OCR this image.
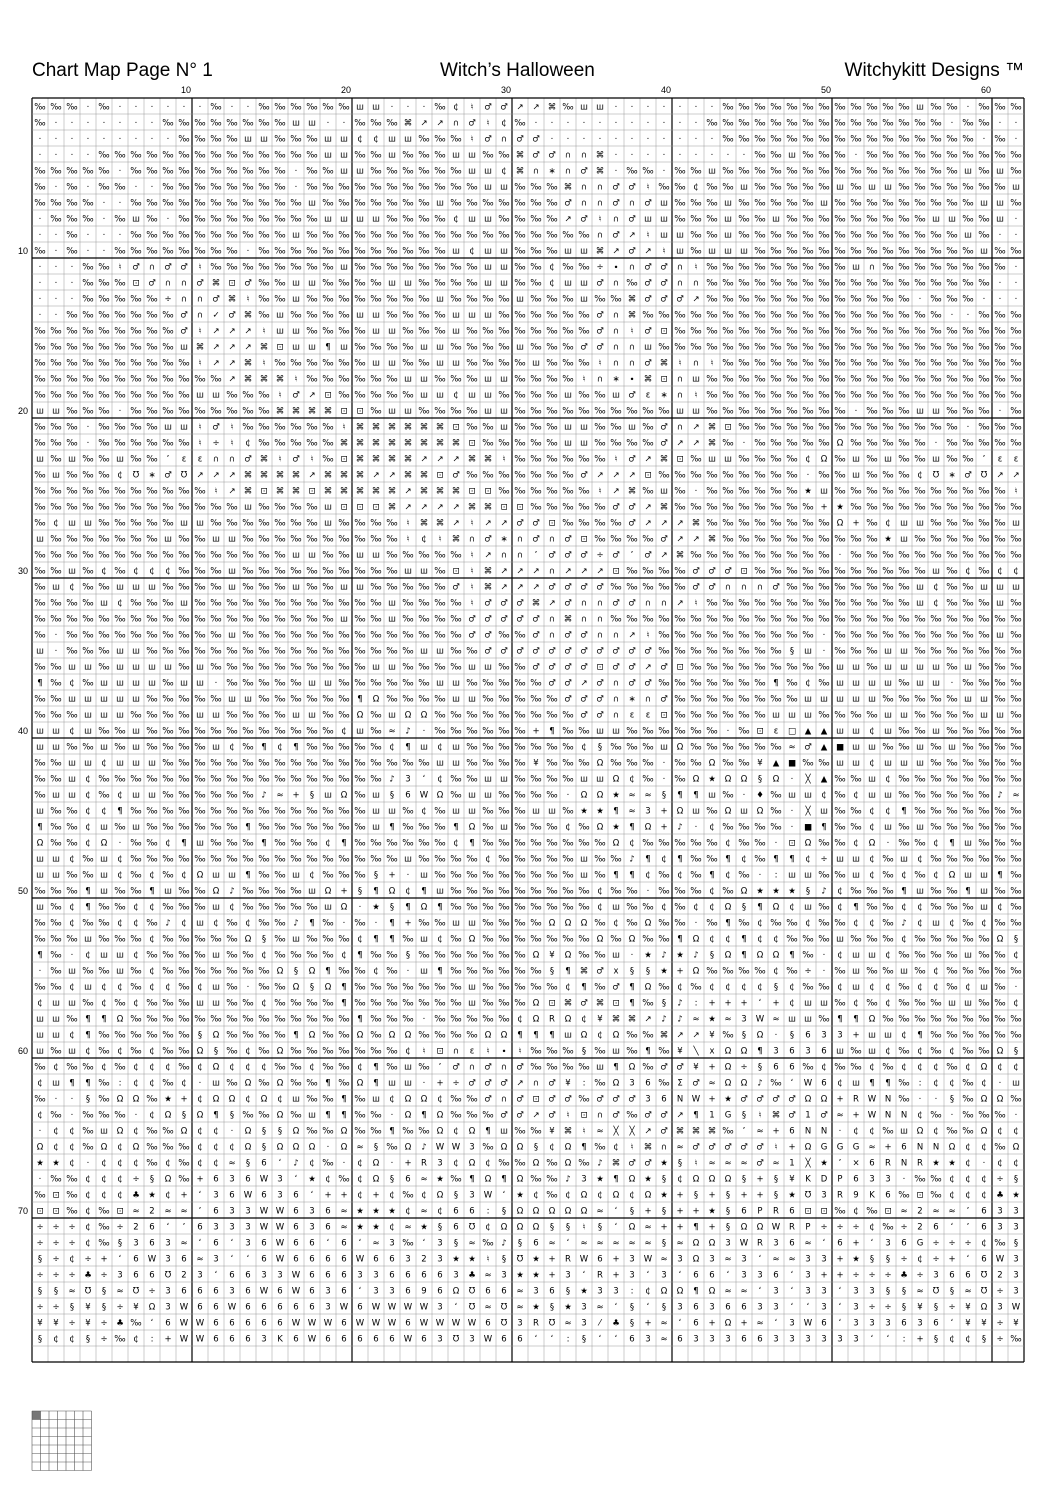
Chart Map Page N° 1	Witch’s Halloween	Witchykitt Designs ™
10	20	30	40	50	60
10
20
30
40
50
60
70
‰ ‰ ‰ · ‰ · · · · · · ‰ · · ‰ ‰ ‰ ‰ ‰ ‰ ш ш · · · ‰ ¢ ♮ ♂ ♂ ↗ ↗ ⌘ ‰ ш ш · · · · · · · ‰ ‰ ‰ ‰ ‰ ‰ ‰ ‰ ‰ ‰ ‰ ‰ ш ‰ ‰ · ‰ ‰ ‰
‰ · · · · · · · ‰ ‰ ‰ ‰ ‰ ‰ ‰ ‰ ш ш · · ‰ ‰ ‰ ⌘ ↗ ↗ ∩ ♂ ♮ ¢ ‰ · · · · · · · · · · · ‰ ‰ ‰ ‰ ‰ ‰ ‰ ‰ ‰ ‰ ‰ ‰ ‰ ‰ ‰ · ‰ ‰ · ·
· · · · · · · · · ‰ ‰ ‰ ‰ ш ш ‰ ‰ ‰ ш ш ¢ ¢ ш ш ‰ ‰ ‰ ♮ ♂ ∩ ♂ ♂ · · · · · · · · · · · ‰ ‰ ‰ ‰ ‰ ‰ ‰ ‰ ‰ ‰ ‰ ‰ ‰ ‰ ‰ ‰ · ‰ ·
· · · · ‰ ‰ ‰ ‰ ‰ ‰ ‰ ‰ ‰ ‰ ‰ ‰ ‰ ‰ ш ш ‰ ‰ ш ‰ ‰ ‰ ш ш ‰ ‰ ⌘ ♂ ♂ ∩ ∩ ⌘ · · · · · · · · · ‰ ‰ ш ‰ ‰ ‰ · ‰ ‰ ‰ ‰ ‰ ‰ ‰ ‰ ‰ ‰
‰ ‰ ‰ ‰ ‰ · ‰ ‰ ‰ ‰ ‰ ‰ ‰ ‰ ‰ ‰ · ‰ ‰ ш ш ‰ ‰ ‰ ‰ ‰ ‰ ш ш ¢ ⌘ ∩ ∗ ∩ ♂ ⌘ · ‰ ‰ · ‰ ‰ ш ‰ ‰ ‰ ‰ ‰ ‰ ‰ ‰ ‰ ‰ ‰ ‰ ‰ ‰ ‰ ш ‰ ш ‰
‰ · ‰ · ‰ ‰ · · ‰ ‰ ‰ ‰ ‰ ‰ ‰ ‰ · ‰ ‰ ‰ ‰ ‰ ‰ ‰ ‰ ‰ ‰ ‰ ш ш ‰ ‰ ‰ ⌘ ∩ ∩ ♂ ♂ ♮ ‰ ‰ ¢ ‰ ‰ ш ‰ ‰ ‰ ‰ ‰ ш ‰ ш ш ‰ ‰ ‰ ‰ ‰ ‰ ‰ ш
‰ ‰ ‰ ‰ · · ‰ ‰ ‰ ‰ ‰ ‰ ‰ ‰ ‰ ‰ ‰ ш ‰ ‰ ‰ ‰ ‰ ‰ ‰ ш ‰ ‰ ‰ ‰ ‰ ‰ ‰ ♂ ∩ ∩ ♂ ∩ ♂ ш ‰ ‰ ‰ ш ‰ ‰ ‰ ‰ ‰ ш ‰ ‰ ‰ ‰ ‰ ‰ ‰ ‰ ‰ ш ш ‰
· ‰ ‰ ‰ · ‰ ш ‰ · ‰ ‰ ‰ ‰ ‰ ‰ ‰ ‰ ‰ ш ш ш ш ‰ ‰ ‰ ‰ ¢ ш ш ‰ ‰ ‰ ‰ ↗ ♂ ♮ ∩ ♂ ш ш ‰ ‰ ‰ ш ‰ ‰ ш ‰ ‰ ‰ ‰ ‰ ‰ ‰ ‰ ‰ ш ш ‰ ‰ ш ·
· · ‰ · · · ‰ ‰ ‰ ‰ ‰ ‰ ‰ ‰ ‰ ‰ ш ‰ ‰ ‰ ‰ ‰ ‰ ‰ ‰ ‰ ‰ ‰ ‰ ‰ ‰ ‰ ‰ ‰ ‰ ∩ ♂ ↗ ♮ ш ш ‰ ‰ ш ‰ ‰ ‰ ‰ ‰ ‰ ‰ ‰ ‰ ‰ ‰ ‰ ‰ ‰ ш ‰ · ·
‰ · ‰ · · ‰ ‰ ‰ ‰ ‰ ‰ ‰ ‰ · ‰ ‰ ‰ ‰ ‰ ‰ ‰ ‰ ‰ ‰ ‰ ‰ ш ¢ ш ш ‰ ‰ ‰ ш ш ⌘ ↗ ♂ ↗ ♮ ш ‰ ш ш ш ‰ ‰ ‰ ‰ ‰ ‰ ‰ ‰ ‰ ‰ ‰ ‰ ‰ ‰ ш ‰ ‰
· · · ‰ ‰ ♮ ♂ ∩ ♂ ♂ ♮ ‰ ‰ ‰ ‰ ‰ ‰ ‰ ‰ ш ‰ ‰ ‰ ‰ ‰ ‰ ‰ ‰ ш ш ‰ ‰ ¢ ‰ ‰ ÷ ∙ ∩ ♂ ♂ ∩ ♮ ‰ ‰ ‰ ‰ ‰ ‰ ‰ ‰ ‰ ш ∩ ‰ ‰ ‰ ‰ ‰ ‰ ‰ ‰ ·
· · · ‰ ‰ ‰ ⊡ ♂ ∩ ∩ ♂ ⌘ ⊡ ♂ ‰ ‰ ш ш ‰ ‰ ‰ ‰ ш ш ‰ ‰ ‰ ‰ ш ш ‰ ‰ ¢ ш ш ♂ ∩ ‰ ♂ ♂ ∩ ∩ ‰ ‰ ‰ ‰ ‰ ‰ ‰ ‰ ‰ ‰ ‰ ‰ ‰ ‰ ‰ ‰ ‰ ‰ · ·
· · · ‰ ‰ ‰ ‰ ‰ ÷ ∩ ∩ ♂ ⌘ ♮ ‰ ‰ ш ‰ ‰ ‰ ‰ ‰ ‰ ‰ ‰ ш ‰ ‰ ‰ ‰ ш ‰ ‰ ‰ ш ‰ ‰ ⌘ ♂ ♂ ♂ ↗ ‰ ‰ ‰ ‰ ‰ ‰ ‰ ‰ ‰ ‰ ‰ ‰ ‰ · ‰ ‰ ‰ · · ·
· · ‰ ‰ ‰ ‰ ‰ ‰ ‰ ♂ ∩ ✓ ♂ ⌘ ‰ ш ‰ ‰ ‰ ‰ ш ш ‰ ‰ ‰ ‰ ш ш ш ‰ ‰ ‰ ‰ ‰ ‰ ♂ ∩ ⌘ ‰ ‰ ‰ ‰ ‰ ‰ ‰ ‰ ‰ ‰ ‰ ‰ ‰ ‰ ‰ ‰ ‰ ‰ ‰ · · ‰ ‰ ‰
‰ ‰ ‰ ‰ ‰ ‰ ‰ ‰ ‰ ♂ ♮ ↗ ↗ ↗ ♮ ш ш ‰ ‰ ‰ ‰ ш ш ‰ ‰ ‰ ш ‰ ‰ ‰ ‰ ‰ ‰ ‰ ‰ ♂ ∩ ♮ ♂ ⊡ ‰ ‰ ‰ ‰ ‰ ‰ ‰ ‰ ‰ ‰ ‰ ‰ ‰ ‰ ‰ ‰ ‰ ‰ ‰ ‰ ‰ ‰
‰ ‰ ‰ ‰ ‰ ‰ ‰ ‰ ‰ ш ⌘ ↗ ↗ ↗ ⌘ ⊡ ш ш ¶ ш ‰ ‰ ‰ ‰ ш ш ‰ ‰ ‰ ‰ ш ‰ ‰ ‰ ♂ ♂ ∩ ∩ ш ‰ ‰ ‰ ‰ ‰ ‰ ‰ ‰ ‰ ‰ ‰ ‰ ‰ ‰ ‰ ‰ ‰ ‰ ‰ ‰ ‰ ‰ ‰
‰ ‰ ‰ ‰ ‰ ‰ ‰ ‰ ‰ ‰ ♮ ↗ ↗ ⌘ ♮ ‰ ‰ ‰ ‰ ‰ ‰ ш ш ‰ ‰ ш ш ‰ ‰ ‰ ‰ ш ‰ ‰ ‰ ♮ ∩ ∩ ♂ ⌘ ♮ ∩ ♮ ‰ ‰ ‰ ‰ ‰ ‰ ‰ ‰ ‰ ‰ ‰ ‰ ‰ ‰ ‰ ‰ ‰ ‰ ‰
‰ ‰ ‰ ‰ ‰ ‰ ‰ ‰ ‰ ‰ ‰ ‰ ↗ ⌘ ⌘ ⌘ ♮ ‰ ‰ ‰ ‰ ‰ ‰ ш ш ‰ ‰ ‰ ш ш ‰ ‰ ‰ ‰ ♮ ∩ ∗ ∙ ⌘ ⊡ ∩ ш ‰ ‰ ‰ ‰ ‰ ‰ ‰ ‰ ‰ ‰ ‰ ‰ ‰ ‰ ‰ ‰ ‰ ‰ ‰ ‰
‰ ‰ ‰ ‰ ‰ ‰ ‰ ‰ ‰ ‰ ш ш ‰ ‰ ‰ ♮ ♂ ↗ ⊡ ‰ ‰ ‰ ‰ ‰ ш ш ¢ ш ш ‰ ‰ ‰ ‰ ш ‰ ‰ ш ♂ ɛ ∗ ∩ ♮ ‰ ‰ ‰ ‰ ‰ ‰ ‰ ‰ ‰ ‰ ‰ ‰ ‰ ‰ ‰ ‰ ‰ ‰ ‰ ‰
ш ш ‰ ‰ ‰ · ‰ ‰ ‰ ‰ ‰ ‰ ‰ ‰ ‰ ⌘ ⌘ ⌘ ⌘ ⊡ ⊡ ‰ ш ш ‰ ‰ ‰ ‰ ш ш ‰ ‰ ‰ ‰ ‰ ‰ ‰ ‰ ‰ ‰ ш ш ‰ ‰ ‰ ‰ ‰ ‰ ‰ ‰ ‰ · ‰ ‰ ‰ ш ш ‰ ‰ ‰ · ‰
‰ ‰ ‰ · ‰ ‰ ‰ ‰ ш ш ♮ ♂ ♮ ‰ ‰ ‰ ‰ ‰ ‰ ♮ ⌘ ⌘ ⌘ ⌘ ⌘ ⌘ ⊡ ‰ ‰ ш ‰ ‰ ‰ ш ш ‰ ‰ ш ‰ ♂ ∩ ↗ ⌘ ⊡ ‰ ‰ ‰ ‰ ‰ ‰ ‰ ‰ ‰ ‰ ‰ ‰ ‰ ‰ · ‰ ‰ ‰
‰ ‰ ‰ · ‰ ‰ ‰ ‰ ‰ ‰ ♮ ÷ ♮ ¢ ‰ ‰ ‰ ‰ ‰ ⌘ ⌘ ⌘ ⌘ ⌘ ⌘ ⌘ ⌘ ⊡ ‰ ‰ ‰ ‰ ‰ ш ш ‰ ‰ ‰ ‰ ♂ ↗ ↗ ⌘ ‰ · ‰ ‰ ‰ ‰ ‰ Ω ‰ ‰ ‰ ‰ ‰ · ‰ ‰ ‰ ‰ ‰
ш ‰ ш ‰ ‰ ш ‰ ‰ ʼ ɛ ɛ ∩ ∩ ♂ ⌘ ♮ ♂ ♮ ‰ ⊡ ⌘ ⌘ ⌘ ⌘ ↗ ↗ ↗ ⌘ ⌘ ♮ ‰ ‰ ‰ ‰ ‰ ‰ ♮ ♂ ↗ ⌘ ⊡ ‰ ш ш ‰ ‰ ‰ ‰ ¢ Ω ‰ ш ‰ ш ‰ ‰ ш ‰ ‰ ʼ ɛ ɛ
‰ ш ‰ ‰ ‰ ¢ Ʊ ∗ ♂ Ʊ ↗ ↗ ↗ ⌘ ⌘ ⌘ ⌘ ↗ ⌘ ⌘ ⌘ ↗ ↗ ⌘ ⌘ ⊡ ♂ ‰ ‰ ‰ ‰ ‰ ‰ ‰ ♂ ↗ ↗ ↗ ⊡ ‰ ‰ ‰ ‰ ‰ ‰ ‰ ‰ ‰ · ‰ ‰ ш ‰ ‰ ‰ ¢ Ʊ ∗ ♂ Ʊ ↗ ↗
‰ ‰ ‰ ‰ ‰ ‰ ‰ ‰ ‰ ‰ ‰ ♮ ↗ ⌘ ⊡ ⌘ ⌘ ⊡ ⌘ ⌘ ⌘ ⌘ ⌘ ↗ ⌘ ⌘ ⌘ ⊡ ⊡ ‰ ‰ ‰ ‰ ‰ ‰ ♮ ↗ ⌘ ‰ ш ‰ · ‰ ‰ ‰ ‰ ‰ ‰ ★ ш ‰ ‰ ‰ ‰ ‰ ‰ ‰ ‰ ‰ ‰ ‰ ♮
‰ ‰ ‰ ‰ ‰ ‰ ‰ ‰ ‰ ‰ ‰ ‰ ‰ ш ‰ ‰ ‰ ‰ ш ⊡ ⊡ ⊡ ⌘ ↗ ↗ ↗ ↗ ⌘ ⌘ ⊡ ⊡ ‰ ‰ ‰ ‰ ‰ ♂ ♂ ↗ ⌘ ‰ ‰ ‰ ‰ ‰ ‰ ‰ ‰ ‰ + ★ ‰ ‰ ‰ ‰ ‰ ‰ ‰ ‰ ‰ ‰ ‰
‰ ¢ ш ш ‰ ‰ ‰ ‰ ‰ ш ш ‰ ‰ ‰ ‰ ‰ ‰ ‰ ш ‰ ‰ ‰ ‰ ♮ ⌘ ⌘ ↗ ♮ ↗ ↗ ♂ ♂ ⊡ ‰ ‰ ‰ ‰ ♂ ↗ ↗ ↗ ⌘ ‰ ‰ ‰ ‰ ‰ ‰ ‰ ‰ Ω + ‰ ¢ ш ш ‰ ‰ ‰ ‰ ‰ ш
ш ‰ ‰ ‰ ‰ ‰ ‰ ‰ ш ‰ ‰ ш ш ‰ ‰ ‰ ‰ ‰ ‰ ‰ ‰ ‰ ‰ ♮ ¢ ♮ ⌘ ∩ ♂ ∗ ∩ ♂ ∩ ♂ ⊡ ‰ ‰ ‰ ‰ ♂ ↗ ↗ ⌘ ‰ ‰ ‰ ‰ ‰ ‰ ‰ ‰ ‰ ‰ ★ ш ‰ ‰ ‰ ‰ ‰ ‰ ‰
‰ ‰ ‰ ‰ ‰ ‰ ‰ ‰ ‰ ‰ ‰ ‰ ‰ ‰ ‰ ‰ ш ш ‰ ‰ ш ш ‰ ‰ ‰ ‰ ‰ ♮ ↗ ∩ ∩ ʼ ♂ ♂ ♂ ÷ ♂ ʼ ♂ ↗ ⌘ ‰ ‰ ‰ ‰ ‰ ‰ ‰ ‰ ‰ · ‰ ‰ ‰ ‰ ‰ ‰ ‰ ‰ ‰ ‰ ‰
‰ ‰ ш ‰ ¢ ‰ ¢ ¢ ¢ ‰ ‰ ‰ ш ‰ ‰ ‰ ‰ ‰ ‰ ‰ ‰ ‰ ‰ ш ш ‰ ⊡ ♮ ⌘ ↗ ↗ ↗ ∩ ↗ ↗ ↗ ⊡ ‰ ‰ ‰ ‰ ♂ ♂ ♂ ⊡ ‰ ‰ ‰ ‰ ‰ ‰ ‰ ‰ ‰ ‰ ‰ ш ‰ ¢ ‰ ¢ ¢
‰ ш ¢ ‰ ‰ ш ш ш ‰ ‰ ‰ ‰ ш ‰ ‰ ‰ ш ‰ ‰ ш ш ‰ ‰ ‰ ‰ ‰ ♂ ♮ ⌘ ↗ ↗ ↗ ♂ ♂ ♂ ♂ ‰ ‰ ‰ ‰ ‰ ♂ ♂ ∩ ∩ ∩ ♂ ‰ ‰ ‰ ‰ ‰ ‰ ‰ ‰ ш ¢ ‰ ‰ ш ш ш
‰ ‰ ‰ ‰ ш ¢ ‰ ‰ ‰ ш ‰ ‰ ‰ ‰ ‰ ‰ ‰ ‰ ‰ ‰ ‰ ‰ ш ‰ ‰ ‰ ‰ ♮ ♂ ♂ ♂ ⌘ ↗ ♂ ∩ ∩ ♂ ♂ ∩ ∩ ↗ ♮ ‰ ‰ ‰ ‰ ‰ ‰ ‰ ‰ ‰ ‰ ‰ ‰ ‰ ш ¢ ‰ ‰ ‰ ш ‰
‰ ‰ ‰ ‰ ‰ ‰ ‰ ‰ ‰ ‰ ‰ ‰ ‰ ‰ ‰ ‰ ‰ ‰ ‰ ш ‰ ‰ ш ‰ ‰ ‰ ‰ ♂ ♂ ♂ ♂ ♂ ∩ ⌘ ∩ ∩ ‰ ‰ ‰ ‰ ‰ ‰ ‰ ‰ ‰ ‰ ‰ ‰ ‰ ‰ ‰ ‰ ‰ ‰ ‰ ‰ ‰ ‰ ‰ ‰ ‰ ‰
‰ · ‰ ‰ ‰ ‰ ‰ ‰ ‰ ‰ ‰ ‰ ш ‰ ‰ ‰ ‰ ‰ ‰ ‰ ‰ ‰ ‰ ‰ ‰ ‰ ‰ ♂ ♂ ‰ ‰ ♂ ∩ ♂ ♂ ∩ ∩ ↗ ♮ ‰ ‰ ‰ ‰ ‰ ‰ ‰ ‰ ‰ ‰ · ‰ ‰ ‰ ‰ ‰ ‰ ‰ ‰ ‰ ‰ ш ‰
ш · ‰ ‰ ‰ ш ш ‰ ‰ ‰ ‰ ‰ ‰ ‰ ‰ ‰ ‰ ‰ ‰ ‰ ‰ ‰ ‰ ‰ ш ш ‰ ‰ ♂ ♂ ♂ ♂ ♂ ♂ ♂ ♂ ♂ ♂ ♂ ‰ ‰ ‰ ‰ ‰ ‰ ‰ ‰ § ш · ‰ ‰ ‰ ш ш ‰ ‰ ‰ ‰ ‰ ‰ ‰
‰ ‰ ш ш ‰ ш ш ш ш ‰ ш ‰ ‰ ‰ ‰ ‰ ‰ ‰ ‰ ‰ ‰ ш ш ‰ ‰ ‰ ‰ ш ш ‰ ‰ ♂ ♂ ♂ ♂ ⊡ ♂ ♂ ↗ ♂ ⊡ ‰ ‰ ‰ ‰ ‰ ‰ ‰ ‰ ‰ ш ш ‰ ш ш ш ш ‰ ш ‰ ‰ ‰
¶ ‰ ¢ ‰ ш ш ш ш ‰ ш ш · ‰ ‰ ‰ ‰ ‰ ш ш ‰ ‰ ‰ ‰ ‰ ‰ ш ш ‰ ‰ ‰ ‰ ‰ ♂ ♂ ↗ ♂ ∩ ♂ ♂ ‰ ‰ ‰ ‰ ‰ ‰ ‰ ¶ ‰ ¢ ‰ ш ш ш ш ‰ ш ш · ‰ ‰ ‰ ‰
‰ ‰ ш ш ш ш ш ‰ ‰ ‰ ‰ ‰ ш ш ‰ ‰ ‰ ‰ ‰ ‰ ¶ Ω ‰ ‰ ‰ ‰ ш ш ‰ ‰ ‰ ‰ ‰ ♂ ♂ ♂ ∩ ∗ ∩ ♂ ‰ ‰ ‰ ‰ ‰ ‰ ‰ ‰ ш ш ш ш ш ‰ ‰ ‰ ‰ ‰ ш ш ‰ ‰
‰ ‰ ‰ ш ш ш ‰ ‰ ‰ ‰ ш ш ‰ ‰ ‰ ‰ ш ш ‰ ‰ Ω ‰ ш Ω Ω ‰ ‰ ‰ ‰ ‰ ‰ ‰ ‰ ‰ ♂ ♂ ∩ ɛ ɛ ⊡ ‰ ‰ ‰ ‰ ‰ ‰ ш ш ш ‰ ‰ ‰ ‰ ш ш ‰ ‰ ‰ ‰ ш ш ‰
ш ш ¢ ш ‰ ‰ ш ‰ ‰ ‰ ‰ ‰ ‰ ‰ ‰ ‰ ‰ ‰ ‰ ¢ ш ‰ ≈ ♪ · ‰ ‰ ‰ ‰ ‰ ‰ + ¶ ‰ ‰ ш ш ‰ ‰ ‰ ‰ ‰ ‰ · ‰ ⊡ ɛ □ ▲ ▲ ш ш ¢ ш ‰ ‰ ш ‰ ‰ ‰ ‰ ‰
ш ш ‰ ‰ ш ‰ ш ‰ ‰ ‰ ‰ ш ¢ ‰ ¶ ¢ ¶ ‰ ‰ ‰ ‰ ‰ ¢ ¶ ш ¢ ш ‰ ‰ ‰ ‰ ‰ ‰ ‰ ¢ § ‰ ‰ ‰ ш Ω ‰ ‰ ‰ ‰ ‰ ‰ ≈ ♂ ▲ ■ ш ш ‰ ‰ ш ‰ ш ‰ ‰ ‰ ‰
‰ ‰ ш ш ¢ ш ш ш ‰ ‰ ‰ ‰ ‰ ‰ ‰ ‰ ‰ ‰ ‰ ‰ ‰ ‰ ‰ ‰ ‰ ш ш ‰ ‰ ‰ ‰ ¥ ‰ ‰ ‰ Ω ‰ ‰ ‰ · ‰ ‰ Ω ‰ ‰ ¥ ▲ ■ ‰ ‰ ш ш ¢ ш ш ш ‰ ‰ ‰ ‰ ‰ ‰
‰ ‰ ш ¢ ‰ ‰ ‰ ‰ ‰ ‰ ‰ ‰ ‰ ‰ ‰ ‰ ‰ ‰ ‰ ‰ ‰ ‰ ♪ 3 ʻ ¢ ‰ ‰ ш ш ‰ ‰ ‰ ‰ ш ш Ω ¢ ‰ · ‰ Ω ★ Ω Ω § Ω · ╳ ▲ ‰ ‰ ш ¢ ‰ ‰ ‰ ‰ ‰ ‰ ‰ ‰
‰ ш ш ¢ ‰ ¢ ш ш ‰ ‰ ‰ ‰ ‰ ‰ ♪ ≈ + § ш Ω ‰ ш § 6 W Ω ‰ ш ш ‰ ‰ ‰ ‰ · Ω Ω ★ ≈ ≈ § ¶ ¶ ш ‰ · ♦ ‰ ш ш ¢ ‰ ¢ ш ш ‰ ‰ ‰ ‰ ‰ ‰ ♪ ≈
ш ‰ ‰ ¢ ¢ ¶ ‰ ‰ ‰ ‰ ‰ ‰ ‰ ‰ ‰ ‰ ‰ ‰ ‰ ‰ ‰ ш ш ‰ ¢ ‰ ш ш ‰ ‰ ‰ ш ш ‰ ★ ★ ¶ ≈ 3 + Ω ш ‰ Ω ш Ω ‰ · ╳ ш ‰ ‰ ¢ ¢ ¶ ‰ ‰ ‰ ‰ ‰ ‰ ‰
¶ ‰ ‰ ¢ ш ‰ ш ‰ ‰ ‰ ‰ ‰ ‰ ¶ ‰ ‰ ‰ ‰ ‰ ‰ ‰ ш ¶ ‰ ‰ ‰ ¶ Ω ‰ ш ‰ ‰ ‰ ¢ ‰ Ω ★ ¶ Ω + ♪ · ¢ ‰ ‰ ‰ ‰ · ■ ¶ ‰ ‰ ¢ ш ‰ ш ‰ ‰ ‰ ‰ ‰ ‰
Ω ‰ ‰ ¢ Ω · ‰ ‰ ¢ ¶ ш ‰ ‰ ‰ ¶ ‰ ‰ ‰ ¢ ¶ ‰ ‰ ‰ ‰ ‰ ‰ ¢ ¶ ‰ ‰ ‰ ‰ ‰ ‰ ‰ ‰ Ω ¢ ‰ ‰ ‰ ‰ ‰ ¢ ‰ ‰ · ⊡ Ω ‰ ‰ ¢ Ω · ‰ ‰ ¢ ¶ ш ‰ ‰ ‰
ш ш ¢ ‰ ш ¢ ‰ ‰ ‰ ‰ ‰ ‰ ‰ ‰ ‰ ‰ ‰ ‰ ‰ ‰ ‰ ‰ ‰ ш ‰ ‰ ‰ ‰ ¢ ‰ ‰ ‰ ‰ ‰ ш ‰ ‰ ♪ ¶ ¢ ¶ ‰ ‰ ¶ ¢ ‰ ¶ ¶ ¢ ÷ ш ш ¢ ‰ ш ¢ ‰ ‰ ‰ ‰ ‰ ‰
ш ш ‰ ‰ ш ¢ ‰ ¢ ‰ ¢ Ω ш ш ¶ ‰ ‰ ш ¢ ‰ ‰ ‰ § + · ш ‰ ‰ ‰ ‰ ‰ ‰ ‰ ‰ ‰ ш ‰ ¶ ¶ ¢ ‰ ¢ ‰ ¶ ¢ ‰ · : ш ш ‰ ‰ ш ¢ ‰ ¢ ‰ ¢ Ω ш ш ¶ ‰
‰ ‰ ‰ ¶ ш ‰ ‰ ¶ ш ‰ ‰ Ω ♪ ‰ ‰ ‰ ‰ ш Ω + § ¶ Ω ¢ ¶ ш ‰ ‰ ‰ ‰ ‰ ‰ ‰ ‰ ‰ ¢ ‰ ‰ · ‰ ‰ ‰ ¢ ‰ Ω ★ ★ ★ § ♪ ¢ ‰ ‰ ‰ ¶ ш ‰ ‰ ¶ ш ‰ ‰
ш ‰ ¢ ¶ ‰ ‰ ¢ ¢ ‰ ‰ ‰ ш ¢ ‰ ‰ ‰ ‰ ‰ ш Ω · ★ § ¶ Ω ¶ ‰ ‰ ‰ ‰ ‰ ‰ ‰ ‰ ‰ ¢ ш ‰ ‰ ¢ ‰ ¢ ¢ Ω § ¶ Ω ¢ ш ‰ ¢ ¶ ‰ ‰ ¢ ¢ ‰ ‰ ‰ ш ¢ ‰
‰ ‰ ¢ ‰ ‰ ¢ ¢ ‰ ♪ ¢ ш ¢ ‰ ¢ ‰ ‰ ♪ ¶ ‰ · ‰ · ¶ + ‰ ‰ ш ш ‰ ‰ ‰ ‰ Ω Ω Ω ‰ ¢ ‰ Ω ‰ ‰ · ‰ ¶ ‰ ¢ ‰ ‰ ¢ ‰ ‰ ¢ ¢ ‰ ♪ ¢ ш ¢ ‰ ¢ ‰ ‰
‰ ‰ ‰ ш ‰ ‰ ‰ ¢ ‰ ‰ ‰ ‰ ‰ Ω § ‰ ш ‰ ‰ ‰ ¢ ¶ ¶ ‰ ш ¢ ‰ Ω ‰ ‰ ‰ ‰ ‰ ‰ ‰ Ω ‰ Ω ‰ ‰ ¶ Ω ¢ ¢ ¶ ¢ ¢ ‰ ‰ ‰ ш ‰ ‰ ‰ ¢ ‰ ‰ ‰ ‰ ‰ Ω §
¶ ‰ · ¢ ш ш ¢ ‰ ‰ ‰ ‰ ш ‰ ‰ ¢ ‰ ‰ ‰ ‰ ¢ ¶ ‰ ‰ § ‰ ‰ ‰ ‰ ‰ ‰ ‰ Ω ¥ Ω ‰ ‰ ш · ★ ♪ ★ ♪ § Ω ¶ Ω Ω ¶ ‰ · ¢ ш ш ¢ ‰ ‰ ‰ ‰ ш ‰ ‰ ¢
· ‰ ш ‰ ‰ ш ‰ ¢ ‰ ‰ ‰ ‰ ‰ ‰ ‰ Ω § Ω ¶ ‰ ‰ ¢ ‰ · ш ¶ ‰ ‰ ‰ ‰ ‰ ‰ § ¶ ⌘ ♂ x § § ★ + Ω ‰ ‰ ‰ ‰ ¢ ‰ ÷ · ‰ ш ‰ ‰ ш ‰ ¢ ‰ ‰ ‰ ‰ ‰
‰ ‰ ¢ ш ¢ ¢ ‰ ¢ ¢ ‰ ¢ ш ‰ · ‰ ‰ Ω § Ω ¶ ‰ ‰ ‰ ‰ ‰ ‰ ‰ ш ‰ ‰ ‰ ‰ ‰ ¢ ¶ ‰ ♂ ¶ Ω ‰ ¢ ‰ ¢ ¢ ¢ ¢ § ¢ ‰ ‰ ¢ ш ¢ ¢ ‰ ¢ ¢ ‰ ¢ ш ‰ ·
¢ ш ш ‰ ¢ ‰ ¢ ‰ ‰ ‰ ш ш ‰ ‰ ¢ ‰ ‰ ‰ ‰ ¶ ‰ ‰ ‰ ‰ ‰ ‰ ‰ ш ‰ ‰ ‰ Ω ⊡ ⌘ ♂ ⌘ ⊡ ¶ ‰ § ♪ : + + + ʻ + ¢ ш ш ‰ ¢ ‰ ¢ ‰ ‰ ‰ ш ш ‰ ‰ ¢
ш ш ‰ ¶ ¶ Ω ‰ ‰ ‰ ‰ ‰ ‰ ‰ ‰ ‰ ‰ ‰ ‰ ‰ ‰ ¶ ‰ ‰ ‰ · ‰ ‰ ‰ ‰ ‰ ¢ Ω R Ω ¢ ¥ ⌘ ⌘ ↗ ♪ ♪ ≈ ★ ≈ 3 W ≈ ш ш ‰ ¶ ¶ Ω ‰ ‰ ‰ ‰ ‰ ‰ ‰ ‰ ‰
ш ш ¢ ¶ ‰ ‰ ‰ ‰ ‰ ‰ § Ω ‰ ‰ ‰ ‰ ¶ Ω ‰ ‰ Ω ‰ Ω Ω ‰ ‰ ‰ ‰ Ω Ω ¶ ¶ ¶ ш Ω ¢ Ω ‰ ‰ ⌘ ↗ ↗ ¥ ‰ § Ω · § 6 3 3 + ш ш ¢ ¶ ‰ ‰ ‰ ‰ ‰ ‰
ш ‰ ш ¢ ‰ ¢ ‰ ¢ ‰ ‰ Ω § ‰ ¢ ‰ Ω ‰ ‰ ‰ ‰ ‰ ‰ ‰ ¢ ♮ ⊡ ∩ ɛ ♮ ∙ ♮ ‰ ‰ ‰ § ‰ ш ‰ ¶ ‰ ¥ ╲ x Ω Ω ¶ 3 6 3 6 ш ‰ ш ¢ ‰ ¢ ‰ ¢ ‰ ‰ Ω §
‰ ¢ ‰ ‰ ¢ ‰ ¢ ¢ ¢ ‰ ¢ Ω ¢ ¢ ¢ ‰ ‰ ¢ ‰ ‰ ¢ ¶ ‰ ш ‰ ʼ ♂ ∩ ♂ ∩ ♂ ‰ ‰ ‰ ‰ ш ¶ Ω ‰ ♂ ♂ ¥ + Ω ÷ § 6 6 ‰ ¢ ‰ ‰ ¢ ‰ ¢ ¢ ¢ ‰ ¢ Ω ¢ ¢
¢ ш ¶ ¶ ‰ : ¢ ¢ ‰ ¢ · ш ‰ Ω ‰ Ω ‰ ‰ ¶ ‰ Ω ¶ ш ш · + ÷ ♂ ♂ ♂ ↗ ∩ ♂ ¥ : ‰ Ω 3 6 ‰ Σ ♂ ≈ Ω Ω ♪ ‰ ʻ W 6 ¢ ш ¶ ¶ ‰ : ¢ ¢ ‰ ¢ · ш
‰ · · § ‰ Ω Ω ‰ ★ + ¢ Ω Ω ¢ Ω ¢ ш ‰ ‰ ¶ ‰ ш ¢ Ω Ω ¢ ‰ ‰ ♂ ∩ ♂ ⊡ ♂ ♂ ‰ ♂ ♂ ♂ 3 6 N W + ★ ♂ ♂ ♂ ♂ Ω Ω + R W N ‰ · · § ‰ Ω Ω ‰
¢ ‰ · ‰ ‰ ‰ · ¢ Ω § Ω ¶ § ‰ ‰ Ω ‰ ш ¶ ¶ ‰ ‰ · Ω ¶ Ω ‰ ‰ ‰ ♂ ♂ ↗ ♂ ♮ ⊡ ∩ ♂ ‰ ♂ ♂ ↗ ¶ 1 G § ♮ ⌘ ♂ 1 ♂ ≈ + W N N ¢ ‰ · ‰ ‰ ‰ ·
· ¢ ¢ ‰ ш Ω ¢ ‰ ‰ Ω ¢ ¢ · Ω § § Ω ‰ ‰ Ω ‰ ‰ ¶ ‰ ‰ Ω ¢ Ω ¶ ш ‰ ‰ ¥ ⌘ ♮ ≈ ╳ ╳ ↗ ♂ ⌘ ⌘ ⌘ ‰ ʼ ≈ + 6 N N · ¢ ¢ ‰ ш Ω ¢ ‰ ‰ Ω ¢ ¢
Ω ¢ ¢ ‰ Ω ¢ Ω ‰ ‰ ‰ ¢ ¢ ¢ Ω § Ω Ω Ω · Ω ≈ § ‰ Ω ♪ W W 3 ‰ Ω Ω § ¢ Ω ¶ ‰ ¢ ♮ ⌘ ∩ ≈ ♂ ♂ ♂ ♂ ♂ ♮ + Ω G G G ≈ + 6 N N Ω ¢ ¢ ‰ Ω
★ ★ ¢ · ¢ ¢ ¢ ‰ ¢ ‰ ¢ ¢ ≈ § 6 ʻ ♪ ¢ ‰ · ¢ Ω · + R 3 ¢ Ω ¢ ‰ ‰ Ω ‰ Ω ‰ ♪ ⌘ ♂ ♂ ★ § ♮ ≈ ≈ ≈ ♂ ≈ 1 ╳ ★ ʼ × 6 R N R ★ ★ ¢ · ¢ ¢
· ‰ ‰ ¢ ¢ ¢ ÷ § Ω ‰ + 6 3 6 W 3 ʻ ★ ¢ ‰ ¢ Ω § 6 ≈ ★ ‰ ¶ Ω ¶ Ω ‰ ‰ ♪ 3 ★ ¶ Ω ★ § ¢ Ω Ω Ω § + § ¥ K D P 6 3 3 · ‰ ‰ ¢ ¢ ¢ ÷ §
‰ ⊡ ‰ ¢ ¢ ¢ ♣ ★ ¢ + ʻ 3 6 W 6 3 6 ʻ + + ¢ + ¢ ‰ ¢ Ω § 3 W ʻ ★ ¢ ‰ ¢ Ω ¢ Ω ¢ Ω ★ + § + § + + § ★ Ʊ 3 R 9 K 6 ‰ ⊡ ‰ ¢ ¢ ¢ ♣ ★
⊡ ⊡ ‰ ¢ ‰ ⊡ ≈ 2 ≈ ≈ ʼ 6 3 3 W W 6 3 6 ≈ ★ ★ ★ ¢ ≈ ¢ 6 6 : § Ω Ω Ω Ω Ω ≈ ʻ § + § + + ★ § 6 P R 6 ⊡ ⊡ ‰ ¢ ‰ ⊡ ≈ 2 ≈ ≈ ʼ 6 3 3
÷ ÷ ÷ ¢ ‰ ÷ 2 6 ʻ ʼ 6 3 3 3 W W 6 3 6 ≈ ★ ★ ¢ ≈ ★ § 6 Ʊ ¢ Ω Ω Ω § § ♮ § ʻ Ω ≈ + + ¶ + § Ω Ω W R P ÷ ÷ ÷ ¢ ‰ ÷ 2 6 ʻ ʼ 6 3 3
÷ ÷ ÷ ¢ ‰ § 3 6 3 ≈ ʻ 6 ʻ 3 6 W 6 6 ʻ 6 ʻ ≈ 3 ‰ ʻ 3 § ≈ ‰ ♪ § 6 ≈ ʻ ≈ ≈ ≈ ≈ ≈ § ≈ Ω Ω 3 W R 3 6 ≈ ʻ 6 + ʻ 3 6 G ÷ ÷ ÷ ¢ ‰ §
§ ÷ ¢ ÷ + ʻ 6 W 3 6 ≈ 3 ʻ ʻ 6 W 6 6 6 6 W 6 6 3 2 3 ★ ★ ♮ § Ʊ ★ + R W 6 + 3 W ≈ 3 Ω 3 ≈ 3 ʻ ≈ ≈ 3 3 + ★ § § ÷ ¢ ÷ + ʻ 6 W 3
÷ ÷ ÷ ♣ ÷ 3 6 6 Ʊ 2 3 ʻ 6 6 3 3 W 6 6 6 3 3 6 6 6 6 3 ♣ ≈ 3 ★ ★ + 3 ʻ R + 3 ʻ 3 ʻ 6 6 ʻ 3 3 6 ʻ 3 + + ÷ ÷ ÷ ♣ ÷ 3 6 6 Ʊ 2 3
§ § ≈ Ʊ § ≈ Ʊ ÷ 3 6 6 6 3 6 W 6 W 6 3 6 ʻ 3 3 6 9 6 Ω Ʊ 6 6 ≈ 3 6 § ★ 3 3 : ¢ Ω Ω ¶ Ω ≈ ≈ ʻ 3 ʻ 3 3 ʻ 3 3 § § ≈ Ʊ § ≈ Ʊ ÷ 3
÷ ÷ § ¥ § ÷ ¥ Ω 3 W 6 6 W 6 6 6 6 6 3 W 6 W W W W 3 ʻ Ʊ ≈ Ʊ ≈ ★ § ★ 3 ≈ ʻ § ʻ § 3 6 3 6 6 3 3 ʻ ʻ 3 ʻ 3 ÷ ÷ § ¥ § ÷ ¥ Ω 3 W
¥ ¥ ÷ ¥ ÷ ♣ ‰ ʻ 6 W W 6 6 6 6 6 W W W 6 W W W 6 W W W W 6 Ʊ 3 R Ʊ ≈ 3 ⁄ ♣ § + ≈ ʻ 6 + Ω + ≈ ʻ 3 W 6 ʻ 3 3 3 6 3 6 ʻ ¥ ¥ ÷ ¥
§ ¢ ¢ § ÷ ‰ ¢ : + W W 6 6 6 3 K 6 W 6 6 6 6 6 W 6 3 Ʊ 3 W 6 6 ʻ ʻ : § ʻ ʻ 6 3 ≈ 6 3 3 3 6 6 3 3 3 3 3 3 ʻ ʻ : + § ¢ ¢ § ÷ ‰
